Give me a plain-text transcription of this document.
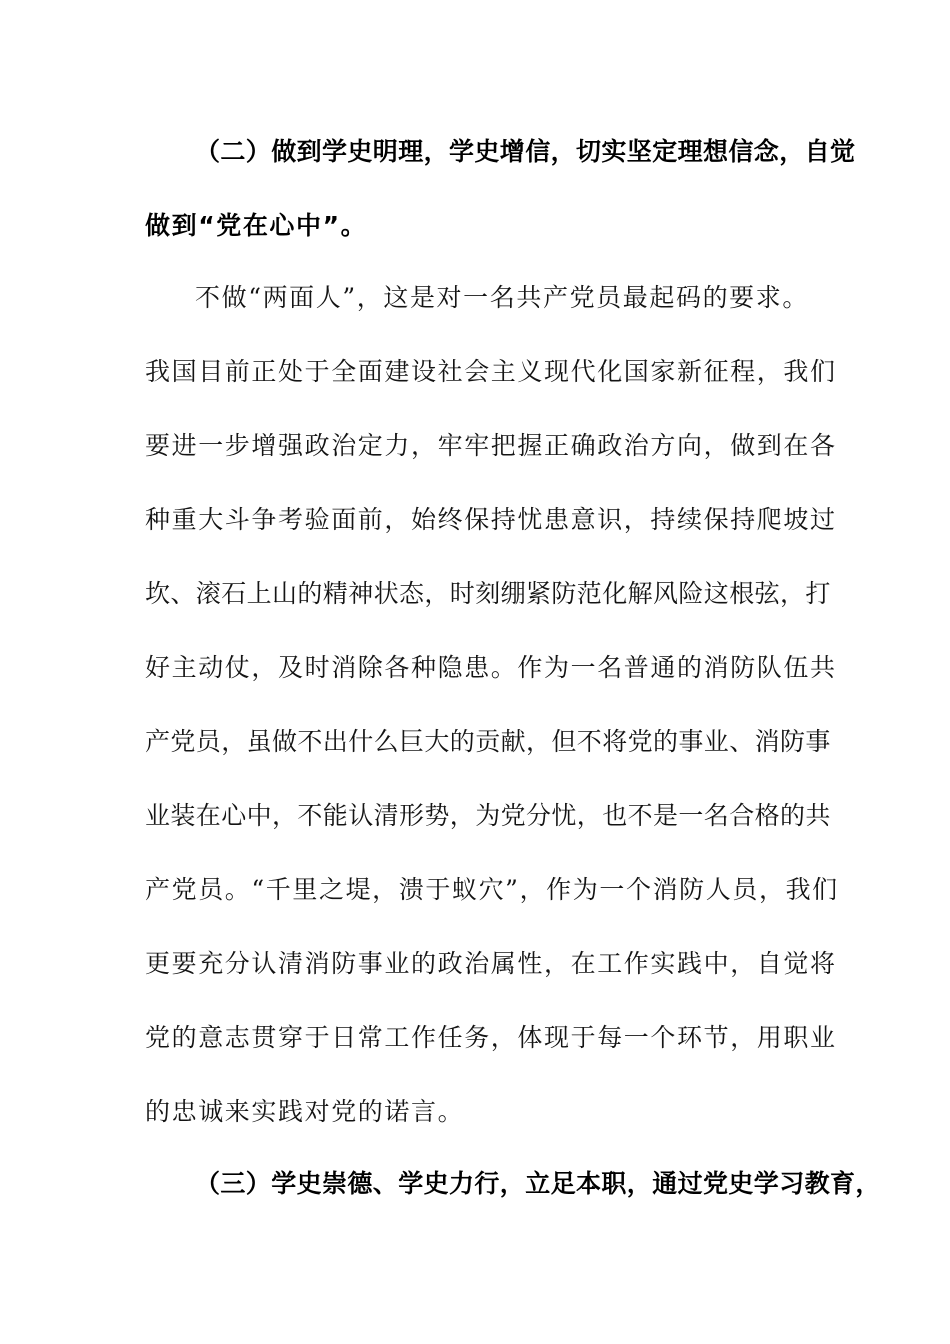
（二）做到学史明理，学史增信，切实坚定理想信念，自觉
做到“党在心中”。
不做“两面人”，这是对一名共产党员最起码的要求。
我国目前正处于全面建设社会主义现代化国家新征程，我们
要进一步增强政治定力，牢牢把握正确政治方向，做到在各
种重大斗争考验面前，始终保持忧患意识，持续保持爬坡过
坎、滚石上山的精神状态，时刻绷紧防范化解风险这根弦，打
好主动仗，及时消除各种隐患。作为一名普通的消防队伍共
产党员，虽做不出什么巨大的贡献，但不将党的事业、消防事
业装在心中，不能认清形势，为党分忧，也不是一名合格的共
产党员。“千里之堤，溃于蚁穴”，作为一个消防人员，我们
更要充分认清消防事业的政治属性，在工作实践中，自觉将
党的意志贯穿于日常工作任务，体现于每一个环节，用职业
的忠诚来实践对党的诺言。
（三）学史崇德、学史力行，立足本职，通过党史学习教育，
